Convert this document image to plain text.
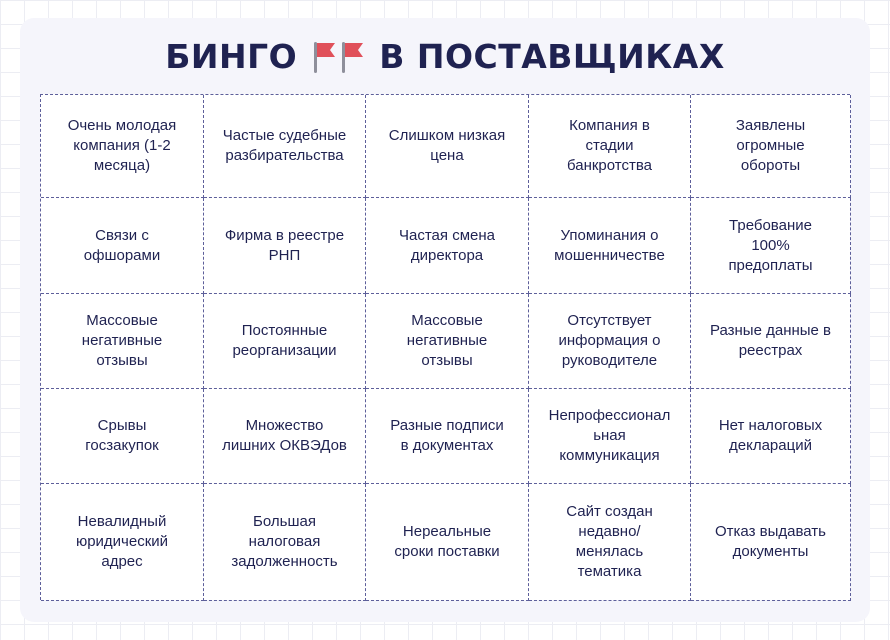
БИНГО В ПОСТАВЩИКАХ
Очень молодая
компания (1-2
месяца)
Частые судебные
разбирательства
Слишком низкая
цена
Компания в
стадии
банкротства
Заявлены
огромные
обороты
Связи с
офшорами
Фирма в реестре
РНП
Частая смена
директора
Упоминания о
мошенничестве
Требование
100%
предоплаты
Массовые
негативные
отзывы
Постоянные
реорганизации
Массовые
негативные
отзывы
Отсутствует
информация о
руководителе
Разные данные в
реестрах
Срывы
госзакупок
Множество
лишних ОКВЭДов
Разные подписи
в документах
Непрофессионал
ьная
коммуникация
Нет налоговых
деклараций
Невалидный
юридический
адрес
Большая
налоговая
задолженность
Нереальные
сроки поставки
Сайт создан
недавно/
менялась
тематика
Отказ выдавать
документы
